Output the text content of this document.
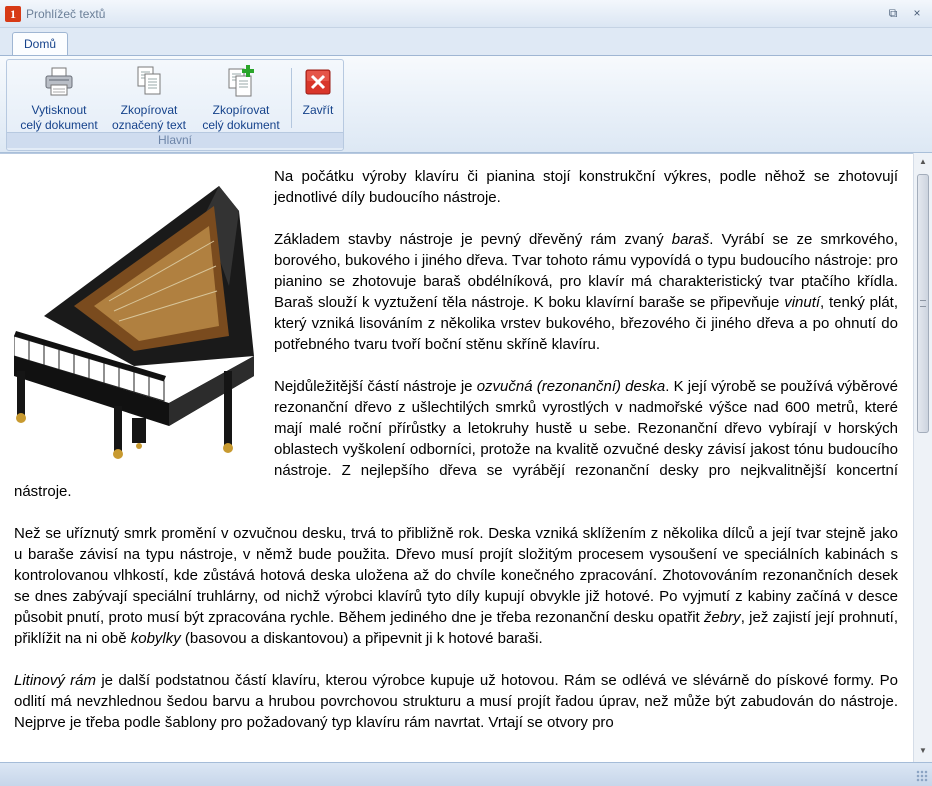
1 Prohlížeč textů	⧉	×
Domů
Vytisknout
celý dokument
Zkopírovat
označený text
Zkopírovat
celý dokument
Zavřít
Hlavní

Na počátku výroby klavíru či pianina stojí konstrukční výkres, podle něhož se zhotovují jednotlivé díly budoucího nástroje.

Základem stavby nástroje je pevný dřevěný rám zvaný baraš. Vyrábí se ze smrkového, borového, bukového i jiného dřeva. Tvar tohoto rámu vypovídá o typu budoucího nástroje: pro pianino se zhotovuje baraš obdélníková, pro klavír má charakteristický tvar ptačího křídla. Baraš slouží k vyztužení těla nástroje. K boku klavírní baraše se připevňuje vinutí, tenký plát, který vzniká lisováním z několika vrstev bukového, březového či jiného dřeva a po ohnutí do potřebného tvaru tvoří boční stěnu skříně klavíru.

Nejdůležitější částí nástroje je ozvučná (rezonanční) deska. K její výrobě se používá výběrové rezonanční dřevo z ušlechtilých smrků vyrostlých v nadmořské výšce nad 600 metrů, které mají malé roční přírůstky a letokruhy hustě u sebe. Rezonanční dřevo vybírají v horských oblastech vyškolení odborníci, protože na kvalitě ozvučné desky závisí jakost tónu budoucího nástroje. Z nejlepšího dřeva se vyrábějí rezonanční desky pro nejkvalitnější koncertní nástroje.

Než se uříznutý smrk promění v ozvučnou desku, trvá to přibližně rok. Deska vzniká sklížením z několika dílců a její tvar stejně jako u baraše závisí na typu nástroje, v němž bude použita. Dřevo musí projít složitým procesem vysoušení ve speciálních kabinách s kontrolovanou vlhkostí, kde zůstává hotová deska uložena až do chvíle konečného zpracování. Zhotovováním rezonančních desek se dnes zabývají speciální truhlárny, od nichž výrobci klavírů tyto díly kupují obvykle již hotové. Po vyjmutí z kabiny začíná v desce působit pnutí, proto musí být zpracována rychle. Během jediného dne je třeba rezonanční desku opatřit žebry, jež zajistí její prohnutí, přiklížit na ni obě kobylky (basovou a diskantovou) a připevnit ji k hotové baraši.

Litinový rám je další podstatnou částí klavíru, kterou výrobce kupuje už hotovou. Rám se odlévá ve slévárně do pískové formy. Po odlití má nevzhlednou šedou barvu a hrubou povrchovou strukturu a musí projít řadou úprav, než může být zabudován do nástroje. Nejprve je třeba podle šablony pro požadovaný typ klavíru rám navrtat. Vrtají se otvory pro

▲
▼
